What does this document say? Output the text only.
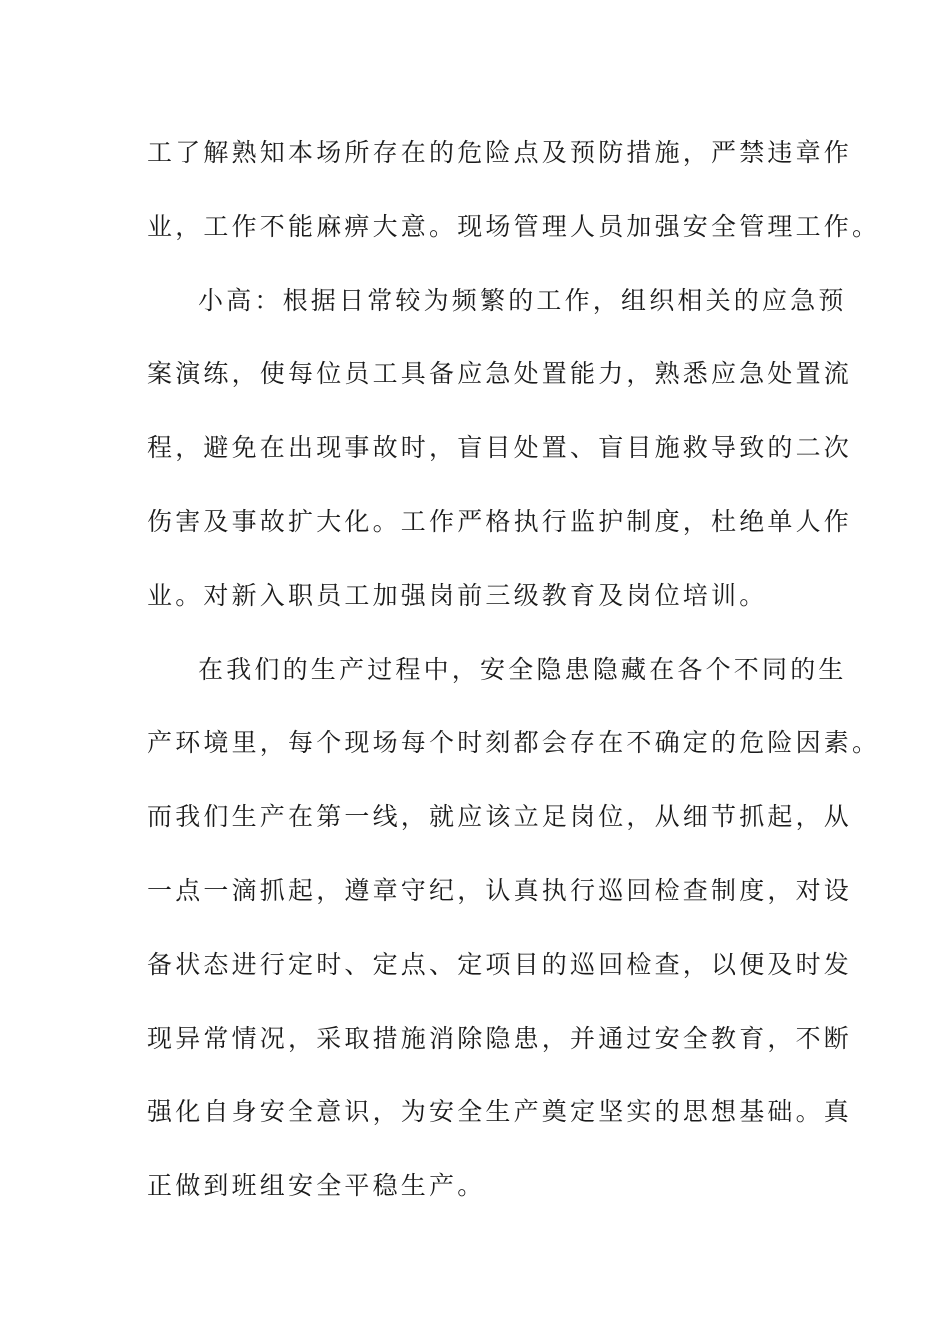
工了解熟知本场所存在的危险点及预防措施，严禁违章作
业，工作不能麻痹大意。现场管理人员加强安全管理工作。
小高：根据日常较为频繁的工作，组织相关的应急预
案演练，使每位员工具备应急处置能力，熟悉应急处置流
程，避免在出现事故时，盲目处置、盲目施救导致的二次
伤害及事故扩大化。工作严格执行监护制度，杜绝单人作
业。对新入职员工加强岗前三级教育及岗位培训。
在我们的生产过程中，安全隐患隐藏在各个不同的生
产环境里，每个现场每个时刻都会存在不确定的危险因素。
而我们生产在第一线，就应该立足岗位，从细节抓起，从
一点一滴抓起，遵章守纪，认真执行巡回检查制度，对设
备状态进行定时、定点、定项目的巡回检查，以便及时发
现异常情况，采取措施消除隐患，并通过安全教育，不断
强化自身安全意识，为安全生产奠定坚实的思想基础。真
正做到班组安全平稳生产。
